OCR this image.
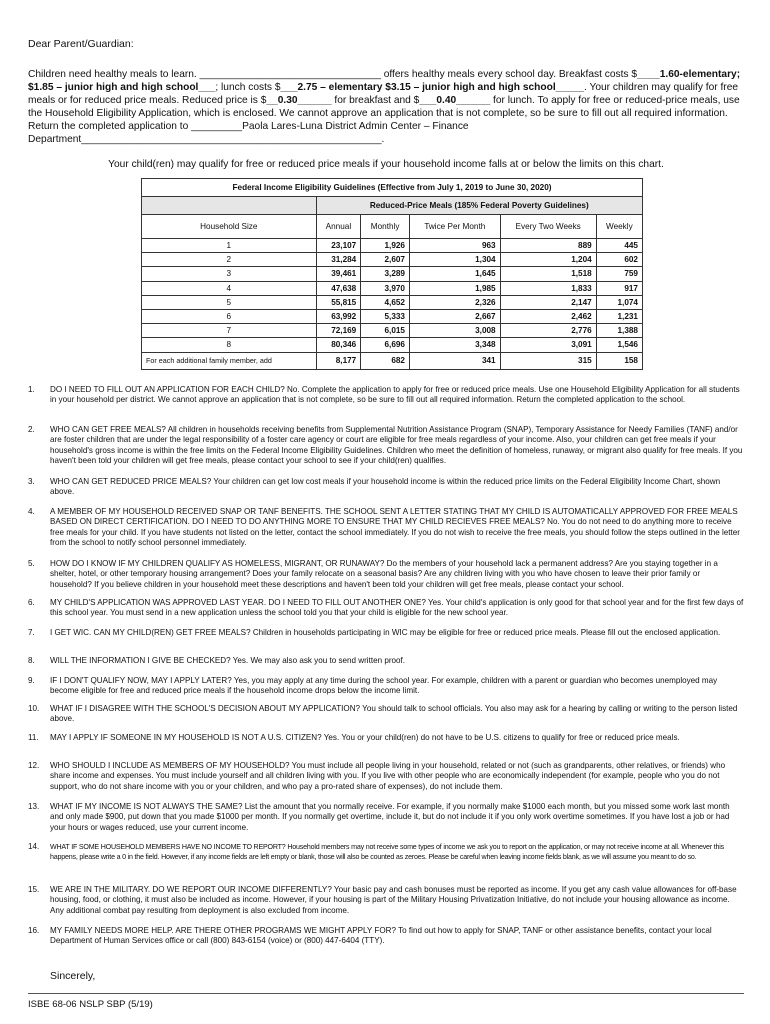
Dear Parent/Guardian:
Children need healthy meals to learn. ________________________________ offers healthy meals every school day. Breakfast costs $____1.60-elementary; $1.85 – junior high and high school___; lunch costs $___2.75 – elementary $3.15 – junior high and high school_____. Your children may qualify for free meals or for reduced price meals. Reduced price is $__0.30______ for breakfast and $___0.40______ for lunch. To apply for free or reduced-price meals, use the Household Eligibility Application, which is enclosed. We cannot approve an application that is not complete, so be sure to fill out all required information. Return the completed application to _________Paola Lares-Luna District Admin Center – Finance Department_____________________________________________________.
Your child(ren) may qualify for free or reduced price meals if your household income falls at or below the limits on this chart.
Federal Income Eligibility Guidelines (Effective from July 1, 2019 to June 30, 2020)					
	Reduced-Price Meals (185% Federal Poverty Guidelines)				
Household Size	Annual	Monthly	Twice Per Month	Every Two Weeks	Weekly
1	23,107	1,926	963	889	445
2	31,284	2,607	1,304	1,204	602
3	39,461	3,289	1,645	1,518	759
4	47,638	3,970	1,985	1,833	917
5	55,815	4,652	2,326	2,147	1,074
6	63,992	5,333	2,667	2,462	1,231
7	72,169	6,015	3,008	2,776	1,388
8	80,346	6,696	3,348	3,091	1,546
For each additional family member, add	8,177	682	341	315	158
1. DO I NEED TO FILL OUT AN APPLICATION FOR EACH CHILD? No. Complete the application to apply for free or reduced price meals. Use one Household Eligibility Application for all students in your household per district. We cannot approve an application that is not complete, so be sure to fill out all required information. Return the completed application to the school.
2. WHO CAN GET FREE MEALS? All children in households receiving benefits from Supplemental Nutrition Assistance Program (SNAP), Temporary Assistance for Needy Families (TANF) and/or are foster children that are under the legal responsibility of a foster care agency or court are eligible for free meals regardless of your income. Also, your children can get free meals if your household's gross income is within the free limits on the Federal Income Eligibility Guidelines. Children who meet the definition of homeless, runaway, or migrant also qualify for free meals. If you haven't been told your children will get free meals, please contact your school to see if your child(ren) qualifies.
3. WHO CAN GET REDUCED PRICE MEALS? Your children can get low cost meals if your household income is within the reduced price limits on the Federal Eligibility Income Chart, shown above.
4. A MEMBER OF MY HOUSEHOLD RECEIVED SNAP OR TANF BENEFITS. THE SCHOOL SENT A LETTER STATING THAT MY CHILD IS AUTOMATICALLY APPROVED FOR FREE MEALS BASED ON DIRECT CERTIFICATION. DO I NEED TO DO ANYTHING MORE TO ENSURE THAT MY CHILD RECIEVES FREE MEALS? No. You do not need to do anything more to receive free meals for your child. If you have students not listed on the letter, contact the school immediately. If you do not wish to receive the free meals, you should follow the steps outlined in the letter from the school to notify school personnel immediately.
5. HOW DO I KNOW IF MY CHILDREN QUALIFY AS HOMELESS, MIGRANT, OR RUNAWAY? Do the members of your household lack a permanent address? Are you staying together in a shelter, hotel, or other temporary housing arrangement? Does your family relocate on a seasonal basis? Are any children living with you who have chosen to leave their prior family or household? If you believe children in your household meet these descriptions and haven't been told your children will get free meals, please contact your school.
6. MY CHILD'S APPLICATION WAS APPROVED LAST YEAR. DO I NEED TO FILL OUT ANOTHER ONE? Yes. Your child's application is only good for that school year and for the first few days of this school year. You must send in a new application unless the school told you that your child is eligible for the new school year.
7. I GET WIC. CAN MY CHILD(REN) GET FREE MEALS? Children in households participating in WIC may be eligible for free or reduced price meals. Please fill out the enclosed application.
8. WILL THE INFORMATION I GIVE BE CHECKED? Yes. We may also ask you to send written proof.
9. IF I DON'T QUALIFY NOW, MAY I APPLY LATER? Yes, you may apply at any time during the school year. For example, children with a parent or guardian who becomes unemployed may become eligible for free and reduced price meals if the household income drops below the income limit.
10. WHAT IF I DISAGREE WITH THE SCHOOL'S DECISION ABOUT MY APPLICATION? You should talk to school officials. You also may ask for a hearing by calling or writing to the person listed above.
11. MAY I APPLY IF SOMEONE IN MY HOUSEHOLD IS NOT A U.S. CITIZEN? Yes. You or your child(ren) do not have to be U.S. citizens to qualify for free or reduced price meals.
12. WHO SHOULD I INCLUDE AS MEMBERS OF MY HOUSEHOLD? You must include all people living in your household, related or not (such as grandparents, other relatives, or friends) who share income and expenses. You must include yourself and all children living with you. If you live with other people who are economically independent (for example, people who you do not support, who do not share income with you or your children, and who pay a pro-rated share of expenses), do not include them.
13. WHAT IF MY INCOME IS NOT ALWAYS THE SAME? List the amount that you normally receive. For example, if you normally make $1000 each month, but you missed some work last month and only made $900, put down that you made $1000 per month. If you normally get overtime, include it, but do not include it if you only work overtime sometimes. If you have lost a job or had your hours or wages reduced, use your current income.
14. WHAT IF SOME HOUSEHOLD MEMBERS HAVE NO INCOME TO REPORT? Household members may not receive some types of income we ask you to report on the application, or may not receive income at all. Whenever this happens, please write a 0 in the field. However, if any income fields are left empty or blank, those will also be counted as zeroes. Please be careful when leaving income fields blank, as we will assume you meant to do so.
15. WE ARE IN THE MILITARY. DO WE REPORT OUR INCOME DIFFERENTLY? Your basic pay and cash bonuses must be reported as income. If you get any cash value allowances for off-base housing, food, or clothing, it must also be included as income. However, if your housing is part of the Military Housing Privatization Initiative, do not include your housing allowance as income. Any additional combat pay resulting from deployment is also excluded from income.
16. MY FAMILY NEEDS MORE HELP. ARE THERE OTHER PROGRAMS WE MIGHT APPLY FOR? To find out how to apply for SNAP, TANF or other assistance benefits, contact your local Department of Human Services office or call (800) 843-6154 (voice) or (800) 447-6404 (TTY).
Sincerely,
ISBE 68-06 NSLP SBP (5/19)
